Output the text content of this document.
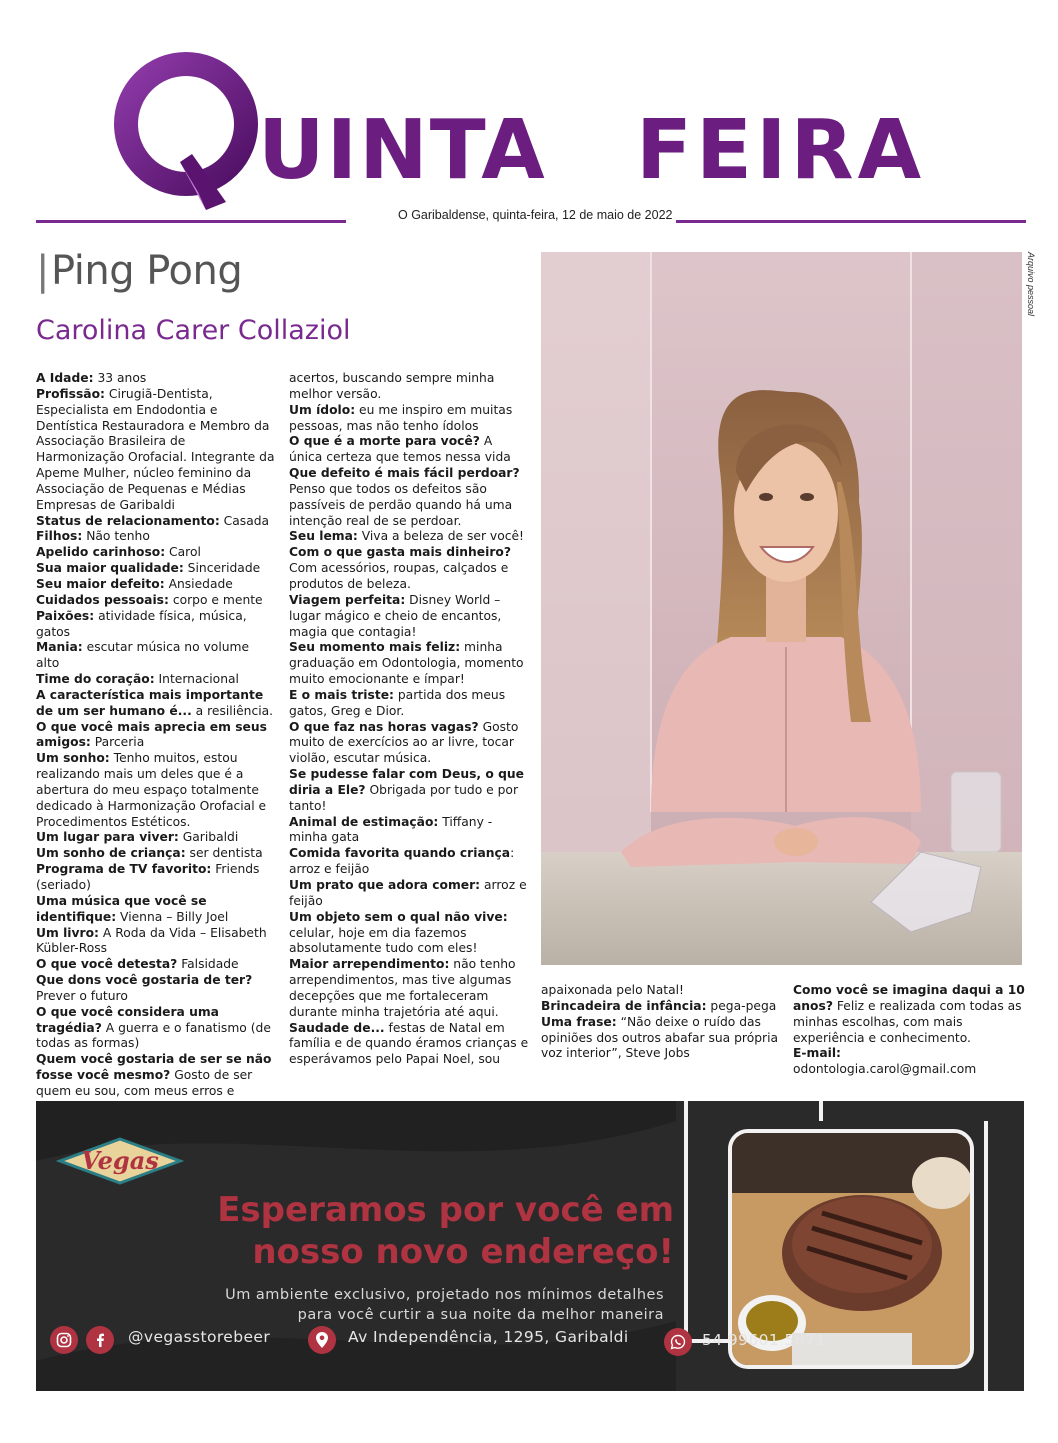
UINTA FEIRA
O Garibaldense, quinta-feira, 12 de maio de 2022
|Ping Pong
Carolina Carer Collaziol

A Idade: 33 anos

Profissão: Cirugiã-Dentista, Especialista em Endodontia e Dentística Restauradora e Membro da Associação Brasileira de Harmonização Orofacial. Integrante da Apeme Mulher, núcleo feminino da Associação de Pequenas e Médias Empresas de Garibaldi

Status de relacionamento: Casada

Filhos: Não tenho

Apelido carinhoso: Carol

Sua maior qualidade: Sinceridade

Seu maior defeito: Ansiedade

Cuidados pessoais: corpo e mente

Paixões: atividade física, música, gatos

Mania: escutar música no volume alto

Time do coração: Internacional

A característica mais importante de um ser humano é... a resiliência.

O que você mais aprecia em seus amigos: Parceria

Um sonho: Tenho muitos, estou realizando mais um deles que é a abertura do meu espaço totalmente dedicado à Harmonização Orofacial e Procedimentos Estéticos.

Um lugar para viver: Garibaldi

Um sonho de criança: ser dentista

Programa de TV favorito: Friends (seriado)

Uma música que você se identifique: Vienna – Billy Joel

Um livro: A Roda da Vida – Elisabeth Kübler-Ross

O que você detesta? Falsidade

Que dons você gostaria de ter? Prever o futuro

O que você considera uma tragédia? A guerra e o fanatismo (de todas as formas)

Quem você gostaria de ser se não fosse você mesmo? Gosto de ser quem eu sou, com meus erros e

acertos, buscando sempre minha melhor versão.

Um ídolo: eu me inspiro em muitas pessoas, mas não tenho ídolos

O que é a morte para você? A única certeza que temos nessa vida

Que defeito é mais fácil perdoar? Penso que todos os defeitos são passíveis de perdão quando há uma intenção real de se perdoar.

Seu lema: Viva a beleza de ser você!

Com o que gasta mais dinheiro? Com acessórios, roupas, calçados e produtos de beleza.

Viagem perfeita: Disney World – lugar mágico e cheio de encantos, magia que contagia!

Seu momento mais feliz: minha graduação em Odontologia, momento muito emocionante e ímpar!

E o mais triste: partida dos meus gatos, Greg e Dior.

O que faz nas horas vagas? Gosto muito de exercícios ao ar livre, tocar violão, escutar música.

Se pudesse falar com Deus, o que diria a Ele? Obrigada por tudo e por tanto!

Animal de estimação: Tiffany - minha gata

Comida favorita quando criança: arroz e feijão

Um prato que adora comer: arroz e feijão

Um objeto sem o qual não vive: celular, hoje em dia fazemos absolutamente tudo com eles!

Maior arrependimento: não tenho arrependimentos, mas tive algumas decepções que me fortaleceram durante minha trajetória até aqui.

Saudade de... festas de Natal em família e de quando éramos crianças e esperávamos pelo Papai Noel, sou

apaixonada pelo Natal!

Brincadeira de infância: pega-pega

Uma frase: “Não deixe o ruído das opiniões dos outros abafar sua própria voz interior”, Steve Jobs

Como você se imagina daqui a 10 anos? Feliz e realizada com todas as minhas escolhas, com mais experiência e conhecimento.

E-mail: odontologia.carol@gmail.com

Arquivo pessoal
Vegas
Esperamos por você em
nosso novo endereço!
Um ambiente exclusivo, projetado nos mínimos detalhes
para você curtir a sua noite da melhor maneira
@vegasstorebeer	Av Independência, 1295, Garibaldi	54 99601 5671
